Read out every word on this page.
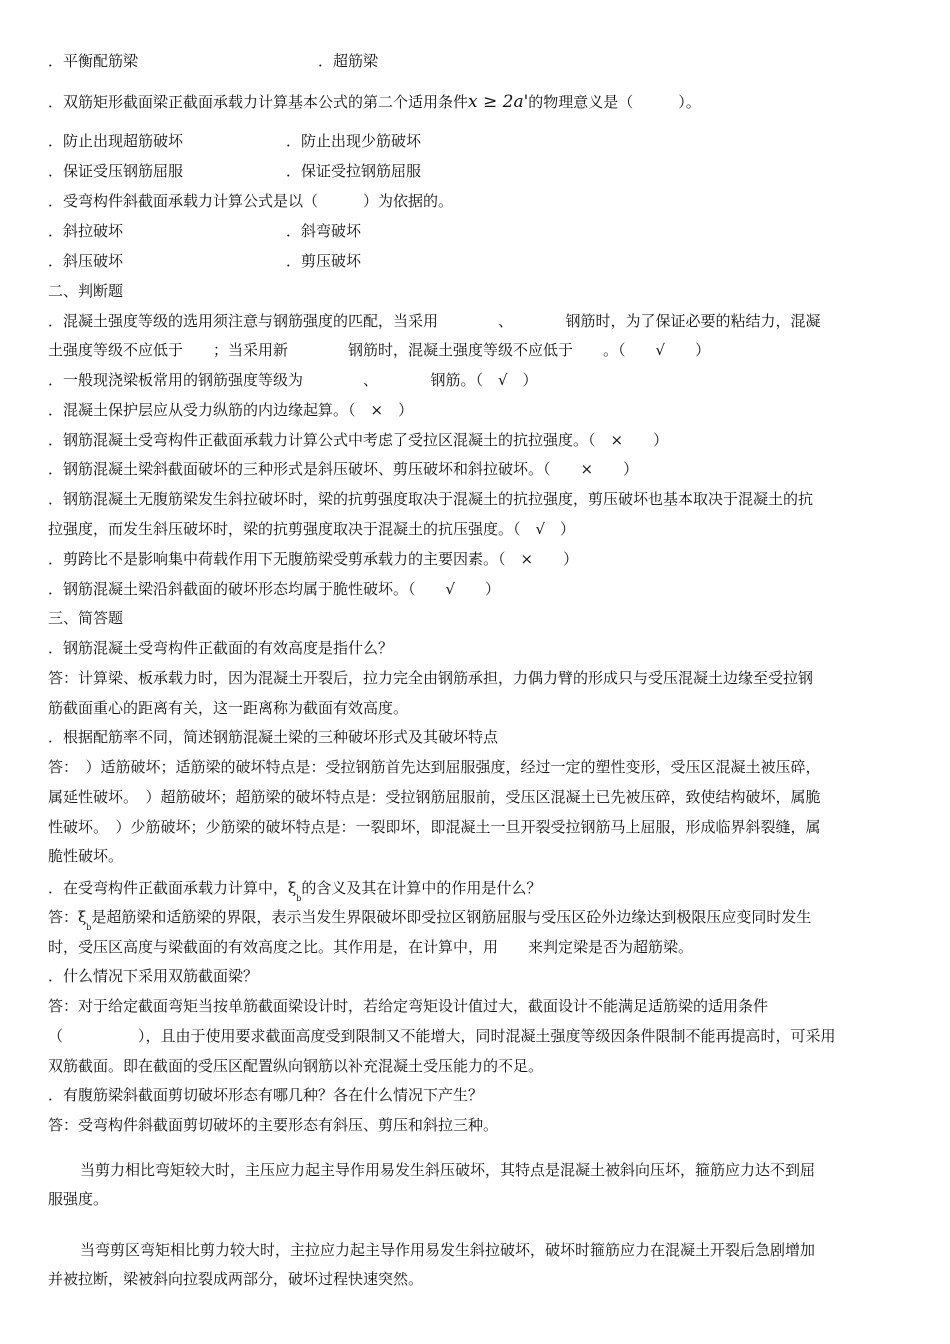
．平衡配筋梁	．超筋梁
．双筋矩形截面梁正截面承载力计算基本公式的第二个适用条件x ≥ 2a'的物理意义是（　　　）。
．防止出现超筋破坏	．防止出现少筋破坏
．保证受压钢筋屈服	．保证受拉钢筋屈服
．受弯构件斜截面承载力计算公式是以（　　　）为依据的。
．斜拉破坏	．斜弯破坏
．斜压破坏	．剪压破坏
二、判断题
．混凝土强度等级的选用须注意与钢筋强度的匹配，当采用　　　　、　　　　钢筋时，为了保证必要的粘结力，混凝
土强度等级不应低于　　；当采用新　　　　钢筋时，混凝土强度等级不应低于　　。（　　√　　）
．一般现浇梁板常用的钢筋强度等级为　　　　、　　　　钢筋。（　√　）
．混凝土保护层应从受力纵筋的内边缘起算。（　×　）
．钢筋混凝土受弯构件正截面承载力计算公式中考虑了受拉区混凝土的抗拉强度。（　×　　）
．钢筋混凝土梁斜截面破坏的三种形式是斜压破坏、剪压破坏和斜拉破坏。（　　×　　）
．钢筋混凝土无腹筋梁发生斜拉破坏时，梁的抗剪强度取决于混凝土的抗拉强度，剪压破坏也基本取决于混凝土的抗
拉强度，而发生斜压破坏时，梁的抗剪强度取决于混凝土的抗压强度。（　√　）
．剪跨比不是影响集中荷载作用下无腹筋梁受剪承载力的主要因素。（　×　　）
．钢筋混凝土梁沿斜截面的破坏形态均属于脆性破坏。（　　√　　）
三、简答题
．钢筋混凝土受弯构件正截面的有效高度是指什么？
答：计算梁、板承载力时，因为混凝土开裂后，拉力完全由钢筋承担，力偶力臂的形成只与受压混凝土边缘至受拉钢
筋截面重心的距离有关，这一距离称为截面有效高度。
．根据配筋率不同，简述钢筋混凝土梁的三种破坏形式及其破坏特点
答：　）适筋破坏；适筋梁的破坏特点是：受拉钢筋首先达到屈服强度，经过一定的塑性变形，受压区混凝土被压碎，
属延性破坏。　）超筋破坏；超筋梁的破坏特点是：受拉钢筋屈服前，受压区混凝土已先被压碎，致使结构破坏，属脆
性破坏。　）少筋破坏；少筋梁的破坏特点是：一裂即坏，即混凝土一旦开裂受拉钢筋马上屈服，形成临界斜裂缝，属
脆性破坏。
．在受弯构件正截面承载力计算中，$\xi_b$的含义及其在计算中的作用是什么？
答：$\xi_b$是超筋梁和适筋梁的界限，表示当发生界限破坏即受拉区钢筋屈服与受压区砼外边缘达到极限压应变同时发生
时，受压区高度与梁截面的有效高度之比。其作用是，在计算中，用　　来判定梁是否为超筋梁。
．什么情况下采用双筋截面梁？
答：对于给定截面弯矩当按单筋截面梁设计时，若给定弯矩设计值过大，截面设计不能满足适筋梁的适用条件
（　　　　　），且由于使用要求截面高度受到限制又不能增大，同时混凝土强度等级因条件限制不能再提高时，可采用
双筋截面。即在截面的受压区配置纵向钢筋以补充混凝土受压能力的不足。
．有腹筋梁斜截面剪切破坏形态有哪几种？各在什么情况下产生？
答：受弯构件斜截面剪切破坏的主要形态有斜压、剪压和斜拉三种。
当剪力相比弯矩较大时，主压应力起主导作用易发生斜压破坏，其特点是混凝土被斜向压坏，箍筋应力达不到屈
服强度。
当弯剪区弯矩相比剪力较大时，主拉应力起主导作用易发生斜拉破坏，破坏时箍筋应力在混凝土开裂后急剧增加
并被拉断，梁被斜向拉裂成两部分，破坏过程快速突然。
